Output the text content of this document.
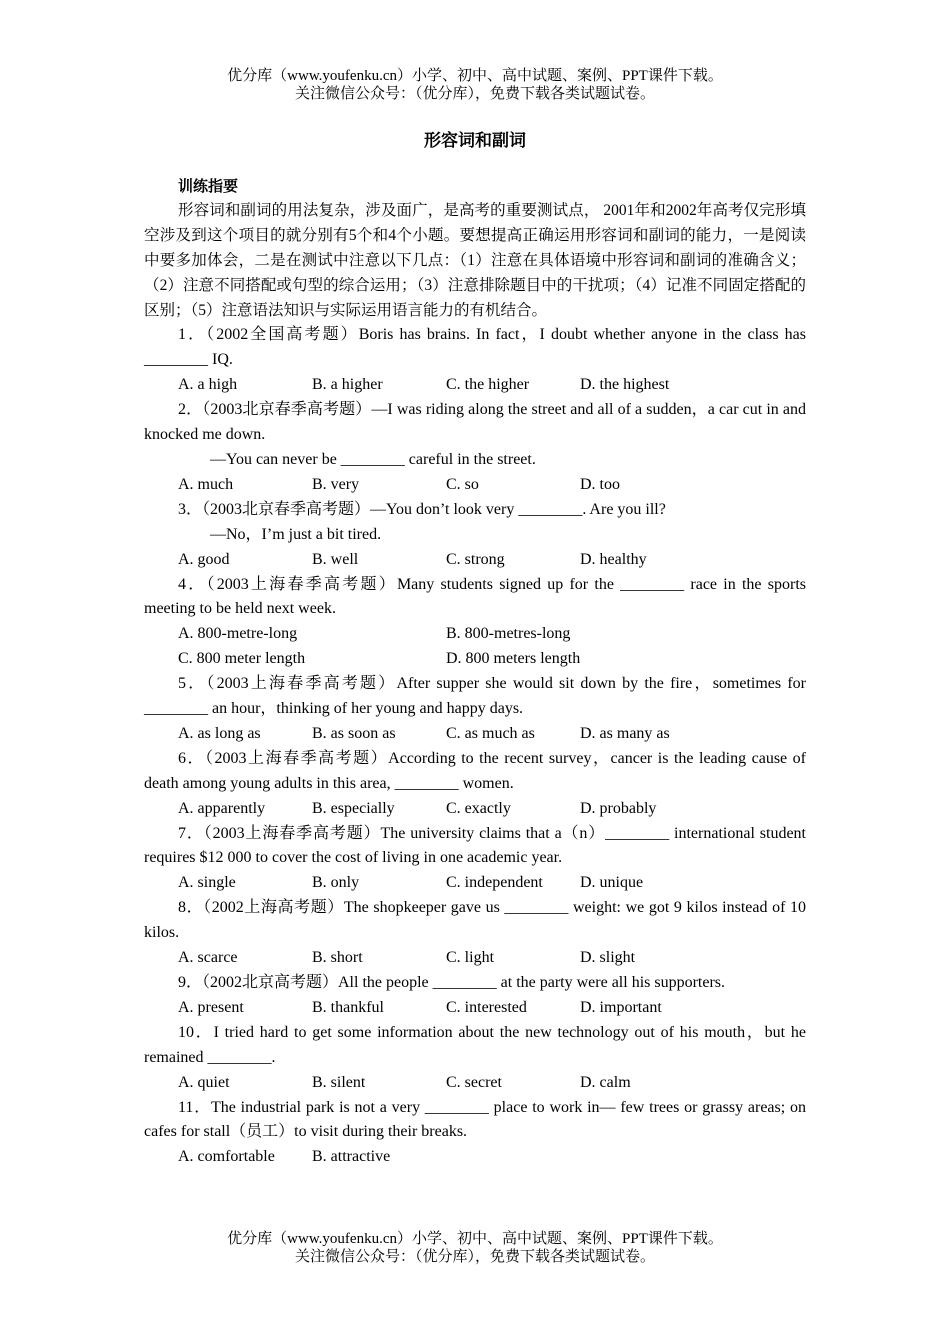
优分库（www.youfenku.cn）小学、初中、高中试题、案例、PPT课件下载。
关注微信公众号：（优分库），免费下载各类试题试卷。
形容词和副词

训练指要

形容词和副词的用法复杂，涉及面广，是高考的重要测试点， 2001年和2002年高考仅完形填空涉及到这个项目的就分别有5个和4个小题。要想提高正确运用形容词和副词的能力，一是阅读中要多加体会，二是在测试中注意以下几点：（1）注意在具体语境中形容词和副词的准确含义；（2）注意不同搭配或句型的综合运用；（3）注意排除题目中的干扰项；（4）记准不同固定搭配的区别；（5）注意语法知识与实际运用语言能力的有机结合。

1．（2002全国高考题）Boris has brains. In fact，I doubt whether anyone in the class has ________ IQ.

A. a high	B. a higher	C. the higher	D. the highest

2．（2003北京春季高考题）—I was riding along the street and all of a sudden，a car cut in and knocked me down.

—You can never be ________ careful in the street.

A. much	B. very	C. so	D. too

3．（2003北京春季高考题）—You don’t look very ________. Are you ill?

—No，I’m just a bit tired.

A. good	B. well	C. strong	D. healthy

4．（2003上海春季高考题）Many students signed up for the ________ race in the sports meeting to be held next week.

A. 800-metre-long	B. 800-metres-long
C. 800 meter length	D. 800 meters length

5．（2003上海春季高考题）After supper she would sit down by the fire，sometimes for ________ an hour，thinking of her young and happy days.

A. as long as	B. as soon as	C. as much as	D. as many as

6．（2003上海春季高考题）According to the recent survey，cancer is the leading cause of death among young adults in this area, ________ women.

A. apparently	B. especially	C. exactly	D. probably

7．（2003上海春季高考题）The university claims that a（n）________ international student requires $12 000 to cover the cost of living in one academic year.

A. single	B. only	C. independent	D. unique

8．（2002上海高考题）The shopkeeper gave us ________ weight: we got 9 kilos instead of 10 kilos.

A. scarce	B. short	C. light	D. slight

9．（2002北京高考题）All the people ________ at the party were all his supporters.

A. present	B. thankful	C. interested	D. important

10．I tried hard to get some information about the new technology out of his mouth，but he remained ________.

A. quiet	B. silent	C. secret	D. calm

11．The industrial park is not a very ________ place to work in— few trees or grassy areas; on cafes for stall（员工）to visit during their breaks.

A. comfortable	B. attractive
优分库（www.youfenku.cn）小学、初中、高中试题、案例、PPT课件下载。
关注微信公众号：（优分库），免费下载各类试题试卷。
